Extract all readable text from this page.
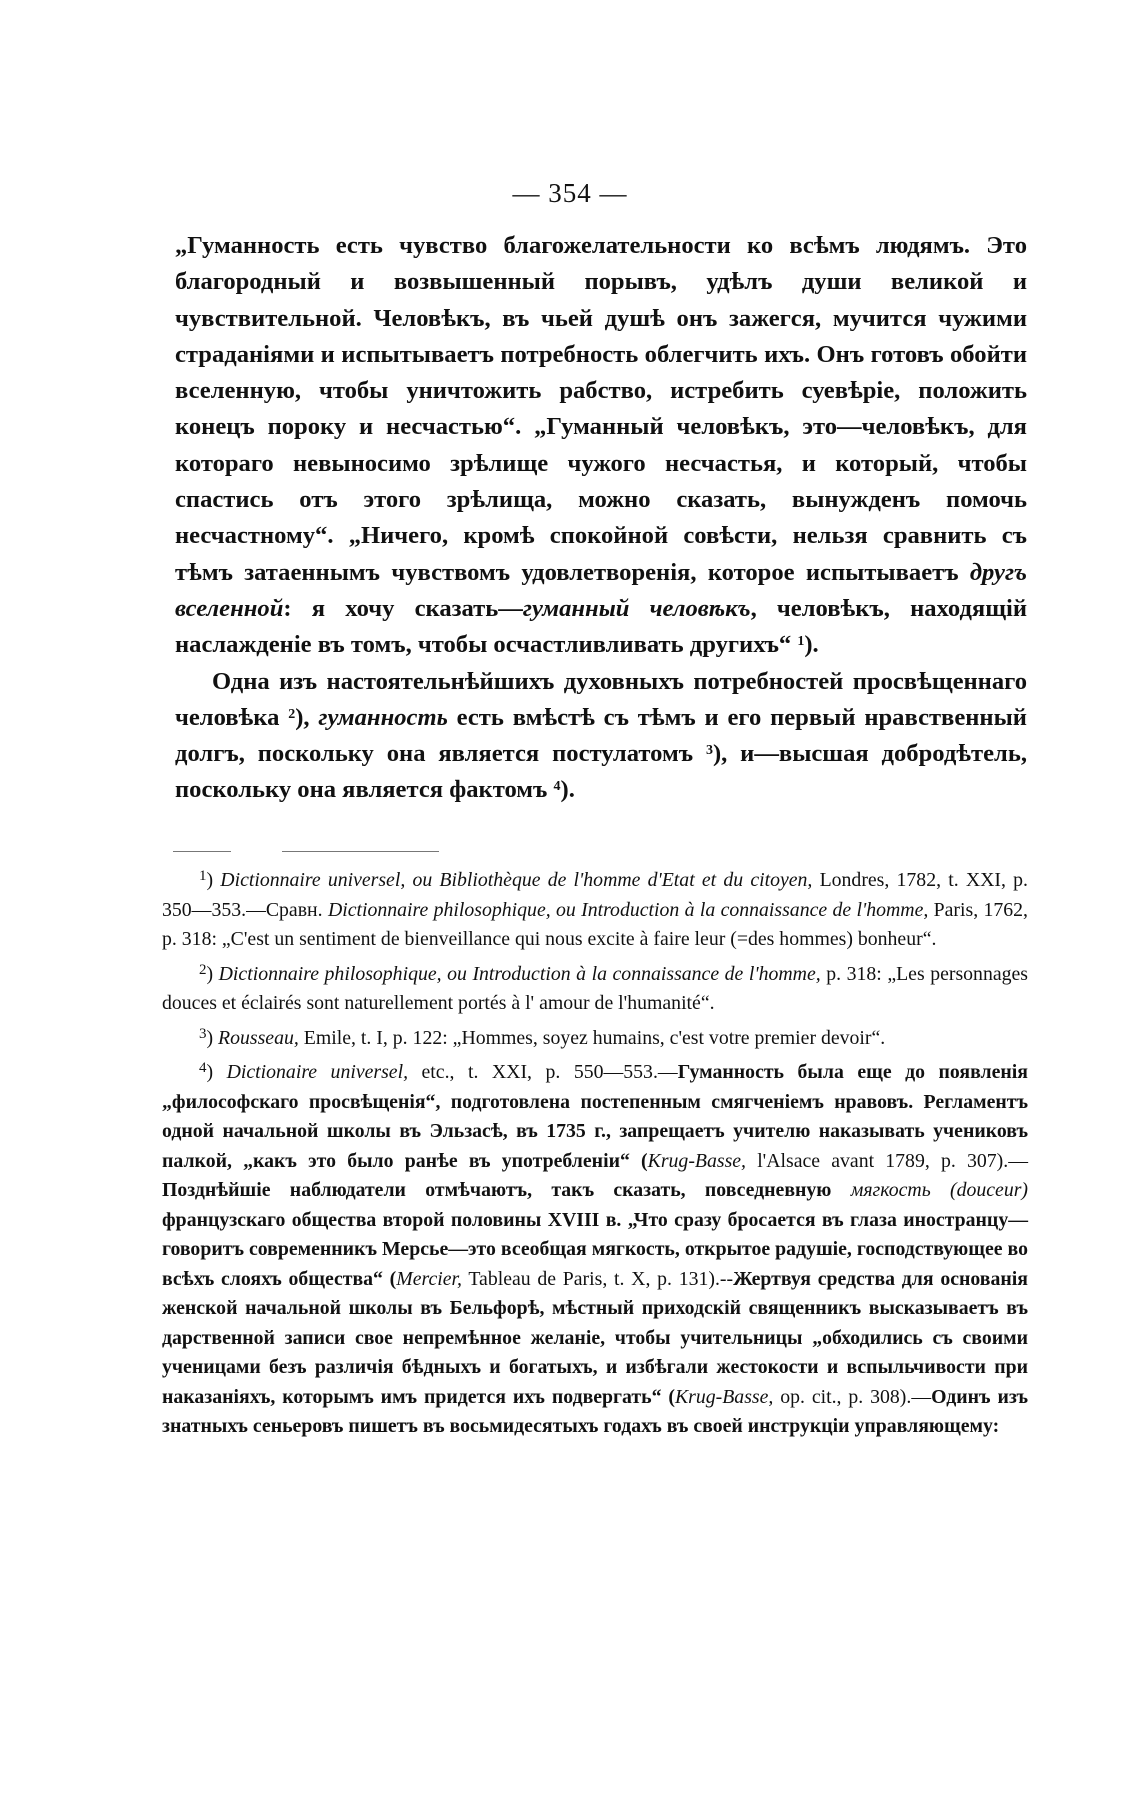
— 354 —

„Гуманность есть чувство благожелательности ко всѣмъ людямъ. Это благородный и возвышенный порывъ, удѣлъ души великой и чувствительной. Человѣкъ, въ чьей душѣ онъ зажегся, мучится чужими страданіями и испытываетъ потребность облегчить ихъ. Онъ готовъ обойти вселенную, чтобы уничтожить рабство, истребить суевѣріе, положить конецъ пороку и несчастью“. „Гуманный человѣкъ, это—человѣкъ, для котораго невыносимо зрѣлище чужого несчастья, и который, чтобы спастись отъ этого зрѣлища, можно сказать, вынужденъ помочь несчастному“. „Ничего, кромѣ спокойной совѣсти, нельзя сравнить съ тѣмъ затаеннымъ чувствомъ удовлетворенія, которое испытываетъ другъ вселенной: я хочу сказать—гуманный человѣкъ, человѣкъ, находящій наслажденіе въ томъ, чтобы осчастливливать другихъ“ $^1$).

Одна изъ настоятельнѣйшихъ духовныхъ потребностей просвѣщеннаго человѣка $^2$), гуманность есть вмѣстѣ съ тѣмъ и его первый нравственный долгъ, поскольку она является постулатомъ $^3$), и—высшая добродѣтель, поскольку она является фактомъ $^4$).

$^1$) Dictionnaire universel, ou Bibliothèque de l'homme d'Etat et du citoyen, Londres, 1782, t. XXI, p. 350—353.—Сравн. Dictionnaire philosophique, ou Introduction à la connaissance de l'homme, Paris, 1762, p. 318: „C'est un sentiment de bienveillance qui nous excite à faire leur (=des hommes) bonheur“.

$^2$) Dictionnaire philosophique, ou Introduction à la connaissance de l'homme, p. 318: „Les personnages douces et éclairés sont naturellement portés à l' amour de l'humanité“.

$^3$) Rousseau, Emile, t. I, p. 122: „Hommes, soyez humains, c'est votre premier devoir“.

$^4$) Dictionaire universel, etc., t. XXI, p. 550—553.—Гуманность была еще до появленія „философскаго просвѣщенія“, подготовлена постепенным смягченіемъ нравовъ. Регламентъ одной начальной школы въ Эльзасѣ, въ 1735 г., запрещаетъ учителю наказывать учениковъ палкой, „какъ это было ранѣе въ употребленіи“ (Krug-Basse, l'Alsace avant 1789, p. 307).—Позднѣйшіе наблюдатели отмѣчаютъ, такъ сказать, повседневную мягкость (douceur) французскаго общества второй половины XVIII в. „Что сразу бросается въ глаза иностранцу—говоритъ современникъ Мерсье—это всеобщая мягкость, открытое радушіе, господствующее во всѣхъ слояхъ общества“ (Mercier, Tableau de Paris, t. X, p. 131).--Жертвуя средства для основанія женской начальной школы въ Бельфорѣ, мѣстный приходскій священникъ высказываетъ въ дарственной записи свое непремѣнное желаніе, чтобы учительницы „обходились съ своими ученицами безъ различія бѣдныхъ и богатыхъ, и избѣгали жестокости и вспыльчивости при наказаніяхъ, которымъ имъ придется ихъ подвергать“ (Krug-Basse, op. cit., p. 308).—Одинъ изъ знатныхъ сеньеровъ пишетъ въ восьмидесятыхъ годахъ въ своей инструкціи управляющему:
